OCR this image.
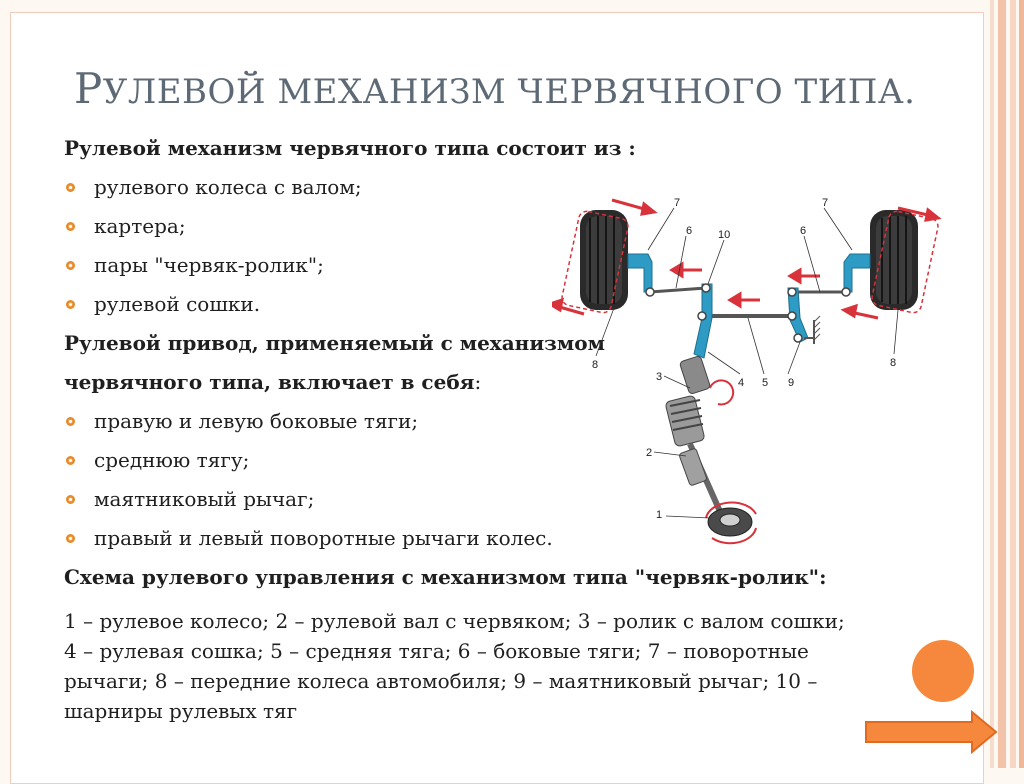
РУЛЕВОЙ МЕХАНИЗМ ЧЕРВЯЧНОГО ТИПА.
Рулевой механизм червячного типа состоит из :
рулевого колеса с валом;
картера;
пары "червяк-ролик";
рулевой сошки.
Рулевой привод, применяемый с механизмом
червячного типа, включает в себя:
правую и левую боковые тяги;
среднюю тягу;
маятниковый рычаг;
правый и левый поворотные рычаги колес.
Схема рулевого управления с механизмом типа "червяк-ролик":
1 – рулевое колесо; 2 – рулевой вал с червяком; 3 – ролик с валом сошки;
4 – рулевая сошка; 5 – средняя тяга; 6 – боковые тяги; 7 – поворотные
рычаги; 8 – передние колеса автомобиля; 9 – маятниковый рычаг; 10 –
шарниры рулевых тяг
7
6 10
7
6
8
4 5 9
8
3
2
1
